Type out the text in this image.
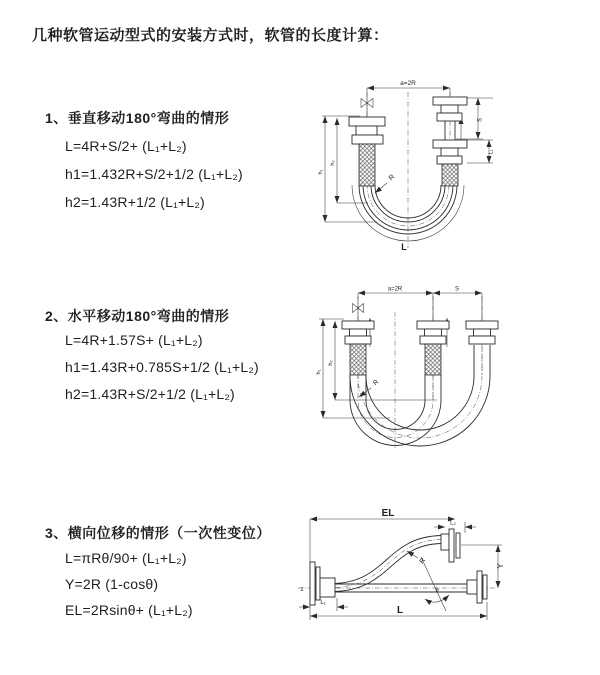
几种软管运动型式的安装方式时，软管的长度计算：
1、垂直移动180°弯曲的情形
L=4R+S/2+ (L₁+L₂)
h1=1.432R+S/2+1/2 (L₁+L₂)
h2=1.43R+1/2 (L₁+L₂)
2、水平移动180°弯曲的情形
L=4R+1.57S+ (L₁+L₂)
h1=1.43R+0.785S+1/2 (L₁+L₂)
h2=1.43R+S/2+1/2 (L₁+L₂)
3、横向位移的情形（一次性变位）
L=πRθ/90+ (L₁+L₂)
Y=2R (1-cosθ)
EL=2Rsinθ+ (L₁+L₂)
a=2R
h₁
h₂
S
L₁
R
L
a=2R	S
h₁
h₂
R
EL
L₂
Y
L
L₁
R
θ
z
